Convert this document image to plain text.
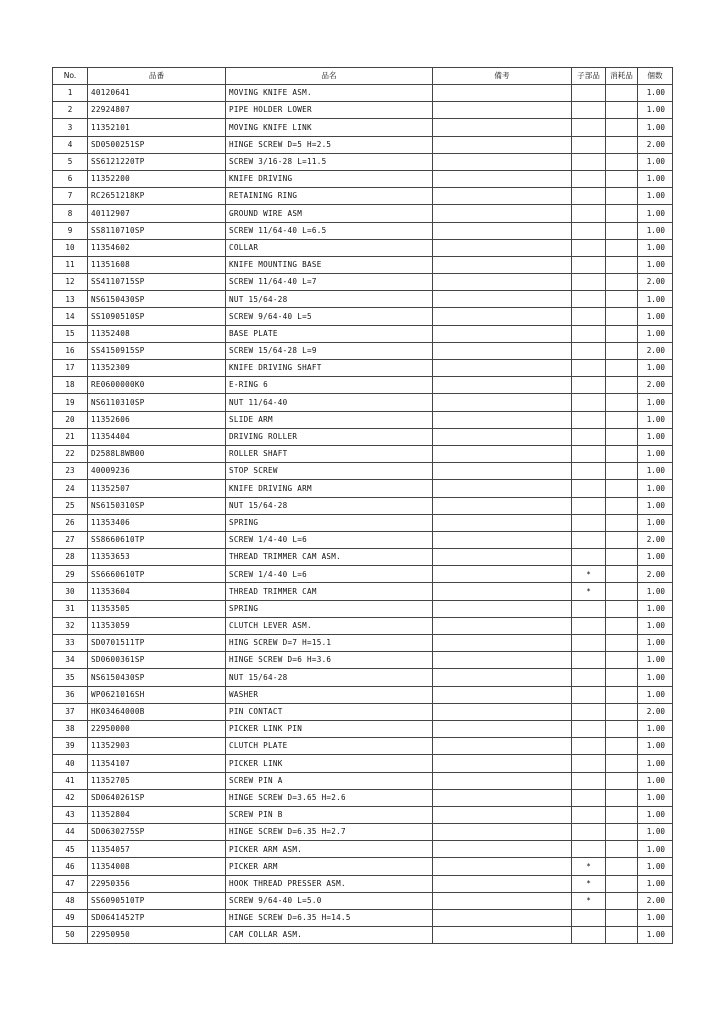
No.	品番	品名	備考	子部品	消耗品	個数
1	40120641	MOVING KNIFE ASM.				1.00
2	22924807	PIPE HOLDER LOWER				1.00
3	11352101	MOVING KNIFE LINK				1.00
4	SD0500251SP	HINGE SCREW D=5 H=2.5				2.00
5	SS6121220TP	SCREW 3/16-28 L=11.5				1.00
6	11352200	KNIFE DRIVING				1.00
7	RC2651218KP	RETAINING RING				1.00
8	40112907	GROUND WIRE ASM				1.00
9	SS8110710SP	SCREW 11/64-40 L=6.5				1.00
10	11354602	COLLAR				1.00
11	11351608	KNIFE MOUNTING BASE				1.00
12	SS4110715SP	SCREW 11/64-40 L=7				2.00
13	NS6150430SP	NUT 15/64-28				1.00
14	SS1090510SP	SCREW 9/64-40 L=5				1.00
15	11352408	BASE PLATE				1.00
16	SS4150915SP	SCREW 15/64-28 L=9				2.00
17	11352309	KNIFE DRIVING SHAFT				1.00
18	RE0600000K0	E-RING 6				2.00
19	NS6110310SP	NUT 11/64-40				1.00
20	11352606	SLIDE ARM				1.00
21	11354404	DRIVING ROLLER				1.00
22	D2588L8WB00	ROLLER SHAFT				1.00
23	40009236	STOP SCREW				1.00
24	11352507	KNIFE DRIVING ARM				1.00
25	NS6150310SP	NUT 15/64-28				1.00
26	11353406	SPRING				1.00
27	SS8660610TP	SCREW 1/4-40 L=6				2.00
28	11353653	THREAD TRIMMER CAM ASM.				1.00
29	SS6660610TP	SCREW 1/4-40 L=6		*		2.00
30	11353604	THREAD TRIMMER CAM		*		1.00
31	11353505	SPRING				1.00
32	11353059	CLUTCH LEVER ASM.				1.00
33	SD0701511TP	HING SCREW D=7 H=15.1				1.00
34	SD0600361SP	HINGE SCREW D=6 H=3.6				1.00
35	NS6150430SP	NUT 15/64-28				1.00
36	WP0621016SH	WASHER				1.00
37	HK03464000B	PIN CONTACT				2.00
38	22950000	PICKER LINK PIN				1.00
39	11352903	CLUTCH PLATE				1.00
40	11354107	PICKER LINK				1.00
41	11352705	SCREW PIN A				1.00
42	SD0640261SP	HINGE SCREW D=3.65 H=2.6				1.00
43	11352804	SCREW PIN B				1.00
44	SD0630275SP	HINGE SCREW D=6.35 H=2.7				1.00
45	11354057	PICKER ARM ASM.				1.00
46	11354008	PICKER ARM		*		1.00
47	22950356	HOOK THREAD PRESSER ASM.		*		1.00
48	SS6090510TP	SCREW 9/64-40 L=5.0		*		2.00
49	SD0641452TP	HINGE SCREW D=6.35 H=14.5				1.00
50	22950950	CAM COLLAR ASM.				1.00
